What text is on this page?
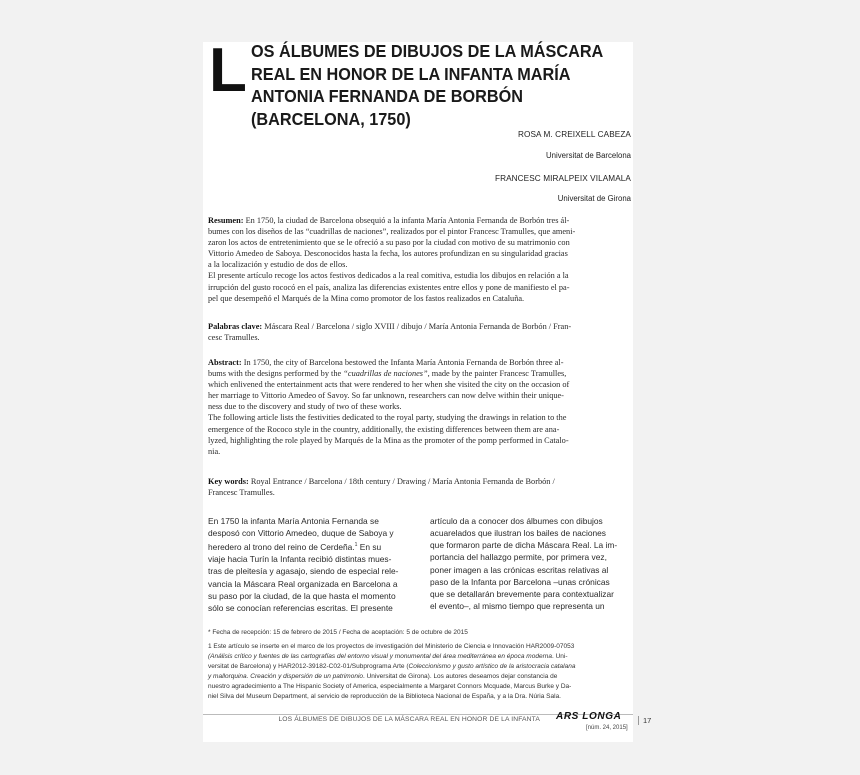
L OS ÁLBUMES DE DIBUJOS DE LA MÁSCARA
REAL EN HONOR DE LA INFANTA MARÍA
ANTONIA FERNANDA DE BORBÓN
(BARCELONA, 1750)
ROSA M. CREIXELL CABEZA
Universitat de Barcelona
FRANCESC MIRALPEIX VILAMALA
Universitat de Girona

Resumen: En 1750, la ciudad de Barcelona obsequió a la infanta María Antonia Fernanda de Borbón tres ál-

bumes con los diseños de las “cuadrillas de naciones”, realizados por el pintor Francesc Tramulles, que ameni-

zaron los actos de entretenimiento que se le ofreció a su paso por la ciudad con motivo de su matrimonio con

Vittorio Amedeo de Saboya. Desconocidos hasta la fecha, los autores profundizan en su singularidad gracias

a la localización y estudio de dos de ellos.

El presente artículo recoge los actos festivos dedicados a la real comitiva, estudia los dibujos en relación a la

irrupción del gusto rococó en el país, analiza las diferencias existentes entre ellos y pone de manifiesto el pa-

pel que desempeñó el Marqués de la Mina como promotor de los fastos realizados en Cataluña.

Palabras clave: Máscara Real / Barcelona / siglo XVIII / dibujo / María Antonia Fernanda de Borbón / Fran-

cesc Tramulles.

Abstract: In 1750, the city of Barcelona bestowed the Infanta María Antonia Fernanda de Borbón three al-

bums with the designs performed by the “cuadrillas de naciones”, made by the painter Francesc Tramulles,

which enlivened the entertainment acts that were rendered to her when she visited the city on the occasion of

her marriage to Vittorio Amedeo of Savoy. So far unknown, researchers can now delve within their unique-

ness due to the discovery and study of two of these works.

The following article lists the festivities dedicated to the royal party, studying the drawings in relation to the

emergence of the Rococo style in the country, additionally, the existing differences between them are ana-

lyzed, highlighting the role played by Marqués de la Mina as the promoter of the pomp performed in Catalo-

nia.

Key words: Royal Entrance / Barcelona / 18th century / Drawing / María Antonia Fernanda de Borbón /

Francesc Tramulles.

En 1750 la infanta María Antonia Fernanda se
desposó con Vittorio Amedeo, duque de Saboya y
heredero al trono del reino de Cerdeña.$^1$ En su
viaje hacia Turín la Infanta recibió distintas mues-
tras de pleitesía y agasajo, siendo de especial rele-
vancia la Máscara Real organizada en Barcelona a
su paso por la ciudad, de la que hasta el momento
sólo se conocían referencias escritas. El presente
artículo da a conocer dos álbumes con dibujos
acuarelados que ilustran los bailes de naciones
que formaron parte de dicha Máscara Real. La im-
portancia del hallazgo permite, por primera vez,
poner imagen a las crónicas escritas relativas al
paso de la Infanta por Barcelona –unas crónicas
que se detallarán brevemente para contextualizar
el evento–, al mismo tiempo que representa un
* Fecha de recepción: 15 de febrero de 2015 / Fecha de aceptación: 5 de octubre de 2015
1 Este artículo se inserte en el marco de los proyectos de investigación del Ministerio de Ciencia e Innovación HAR2009-07053
(Análisis crítico y fuentes de las cartografías del entorno visual y monumental del área mediterránea en época moderna. Uni-
versitat de Barcelona) y HAR2012-39182-C02-01/Subprograma Arte (Coleccionismo y gusto artístico de la aristocracia catalana
y mallorquina. Creación y dispersión de un patrimonio. Universitat de Girona). Los autores deseamos dejar constancia de
nuestro agradecimiento a The Hispanic Society of America, especialmente a Margaret Connors Mcquade, Marcus Burke y Da-
niel Silva del Museum Department, al servicio de reproducción de la Biblioteca Nacional de España, y a la Dra. Núria Sala.
LOS ÁLBUMES DE DIBUJOS DE LA MÁSCARA REAL EN HONOR DE LA INFANTA ARS LONGA
[núm. 24, 2015]
17
